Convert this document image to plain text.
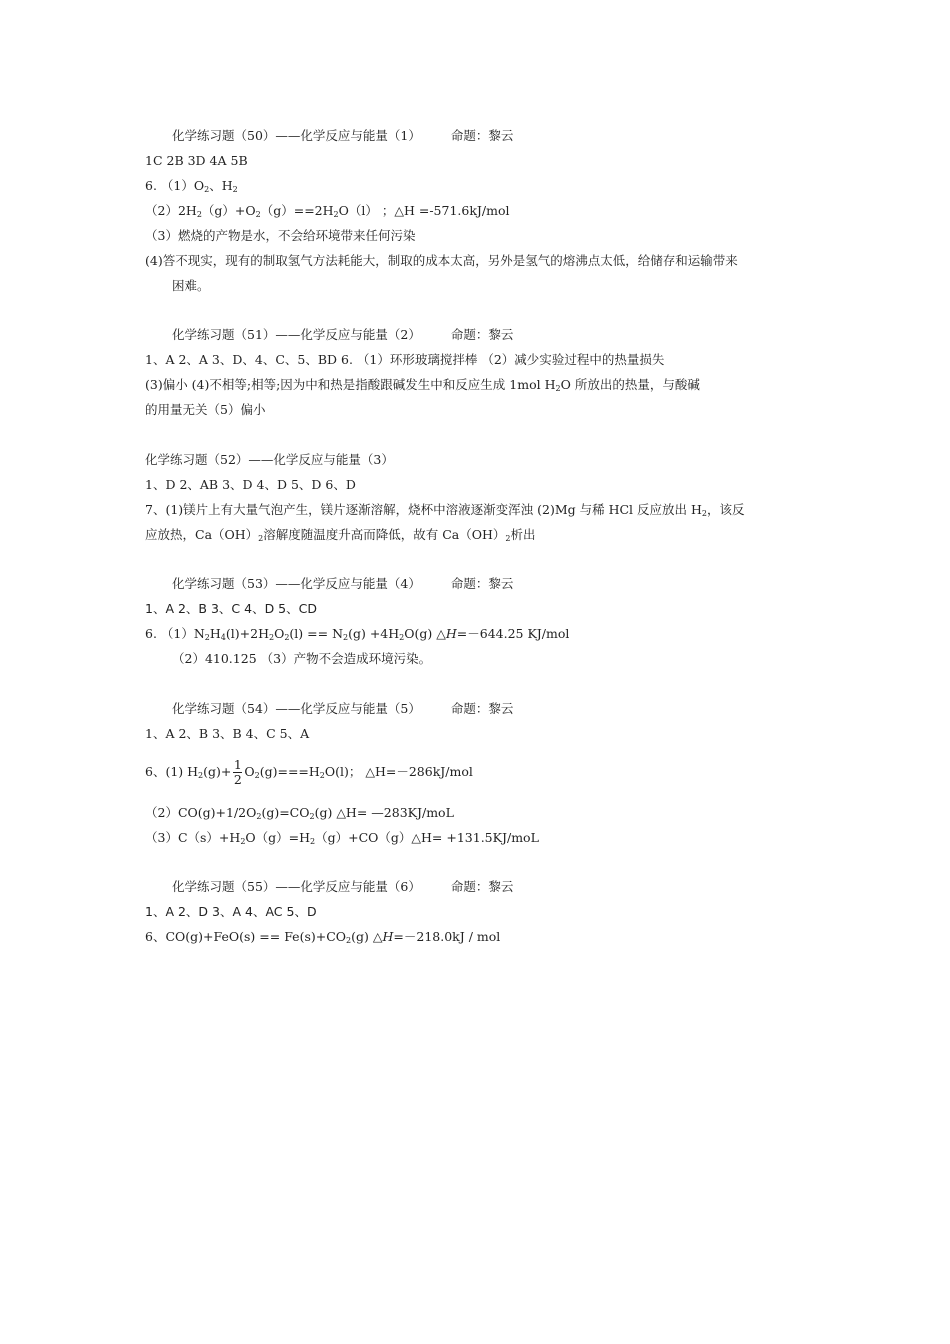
化学练习题（50）——化学反应与能量（1） 命题：黎云
1C 2B 3D 4A 5B
6. $(1)O_2$、$H_2$
$(2)2H_2(g)+O_2(g)==2H_2O(l)$ ；△H =-571.6kJ/mol
（3）燃烧的产物是水，不会给环境带来任何污染
(4)答不现实，现有的制取氢气方法耗能大，制取的成本太高，另外是氢气的熔沸点太低，给储存和运输带来
困难。
化学练习题（51）——化学反应与能量（2） 命题：黎云
1、A 2、A 3、D、4、C、5、BD 6. （1）环形玻璃搅拌棒 （2）减少实验过程中的热量损失
(3)偏小 (4)不相等;相等;因为中和热是指酸跟碱发生中和反应生成 1mol $H_2O$ 所放出的热量，与酸碱
的用量无关（5）偏小
化学练习题（52）——化学反应与能量（3）
1、D 2、AB 3、D 4、D 5、D 6、D
7、(1)镁片上有大量气泡产生，镁片逐渐溶解，烧杯中溶液逐渐变浑浊 (2)Mg 与稀 HCl 反应放出 $H_2$，该反
应放热，$Ca(OH)_2$溶解度随温度升高而降低，故有 $Ca(OH)_2$析出
化学练习题（53）——化学反应与能量（4） 命题：黎云
1、A 2、B 3、C 4、D 5、CD
6. $(1)N_2H_4(l)+2H_2O_2(l) == N_2(g) +4H_2O(g)$ △H=－644.25 KJ/mol
（2）410.125 （3）产物不会造成环境污染。
化学练习题（54）——化学反应与能量（5） 命题：黎云
1、A 2、B 3、B 4、C 5、A
6、(1) $H_2(g)+ \frac{1}{2} O_2(g)===H_2O(l)$； △H=－286kJ/mol
$(2)CO(g)+1/2O_2(g)=CO_2(g)$ △H= —283KJ/moL
$(3)C(s)+H_2O(g)=H_2(g)+CO(g)\triangle H= +131.5KJ/moL$
化学练习题（55）——化学反应与能量（6） 命题：黎云
1、A 2、D 3、A 4、AC 5、D
6、$CO(g)+FeO(s) == Fe(s)+CO_2(g)$ △H=－218.0kJ / mol
